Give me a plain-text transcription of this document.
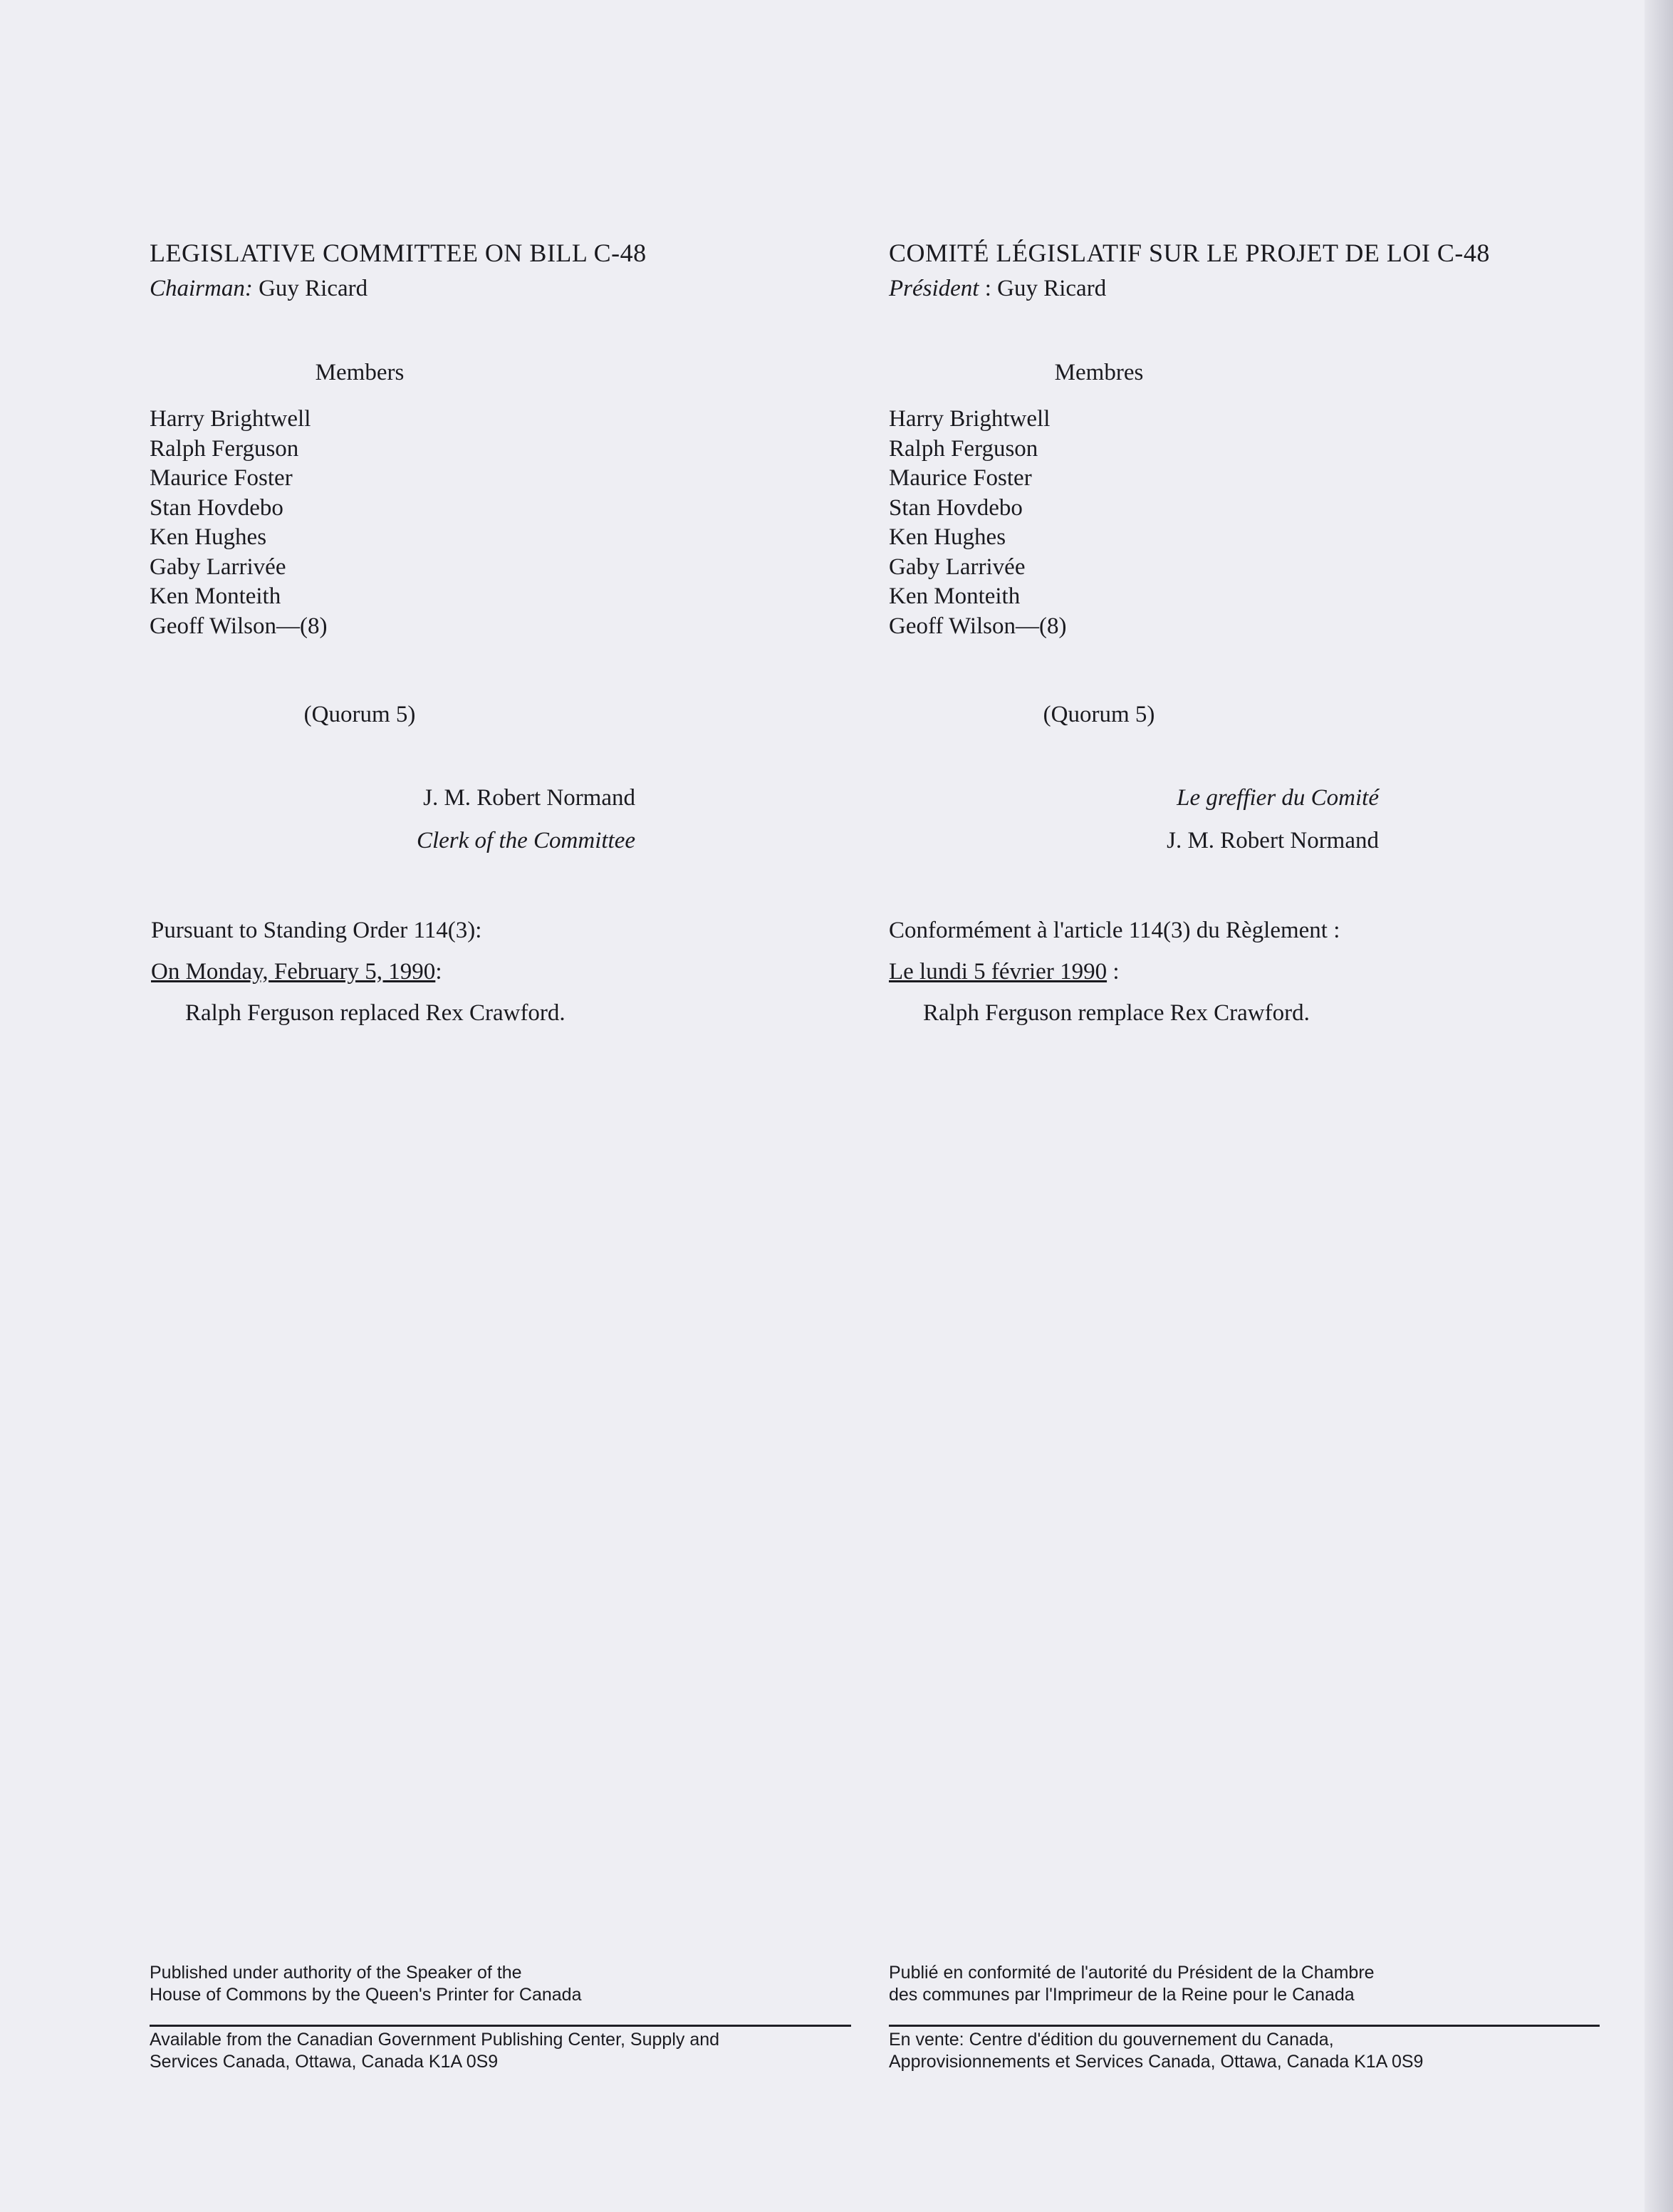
LEGISLATIVE COMMITTEE ON BILL C-48

Chairman: Guy Ricard

Members
Harry Brightwell
Ralph Ferguson
Maurice Foster
Stan Hovdebo
Ken Hughes
Gaby Larrivée
Ken Monteith
Geoff Wilson—(8)
(Quorum 5)
J. M. Robert Normand
Clerk of the Committee

COMITÉ LÉGISLATIF SUR LE PROJET DE LOI C-48

Président : Guy Ricard

Membres
Harry Brightwell
Ralph Ferguson
Maurice Foster
Stan Hovdebo
Ken Hughes
Gaby Larrivée
Ken Monteith
Geoff Wilson—(8)
(Quorum 5)
Le greffier du Comité
J. M. Robert Normand
Pursuant to Standing Order 114(3):
On Monday, February 5, 1990:
Ralph Ferguson replaced Rex Crawford.
Conformément à l'article 114(3) du Règlement :
Le lundi 5 février 1990 :
Ralph Ferguson remplace Rex Crawford.
Published under authority of the Speaker of the
House of Commons by the Queen's Printer for Canada
Publié en conformité de l'autorité du Président de la Chambre
des communes par l'Imprimeur de la Reine pour le Canada
Available from the Canadian Government Publishing Center, Supply and
Services Canada, Ottawa, Canada K1A 0S9
En vente: Centre d'édition du gouvernement du Canada,
Approvisionnements et Services Canada, Ottawa, Canada K1A 0S9
